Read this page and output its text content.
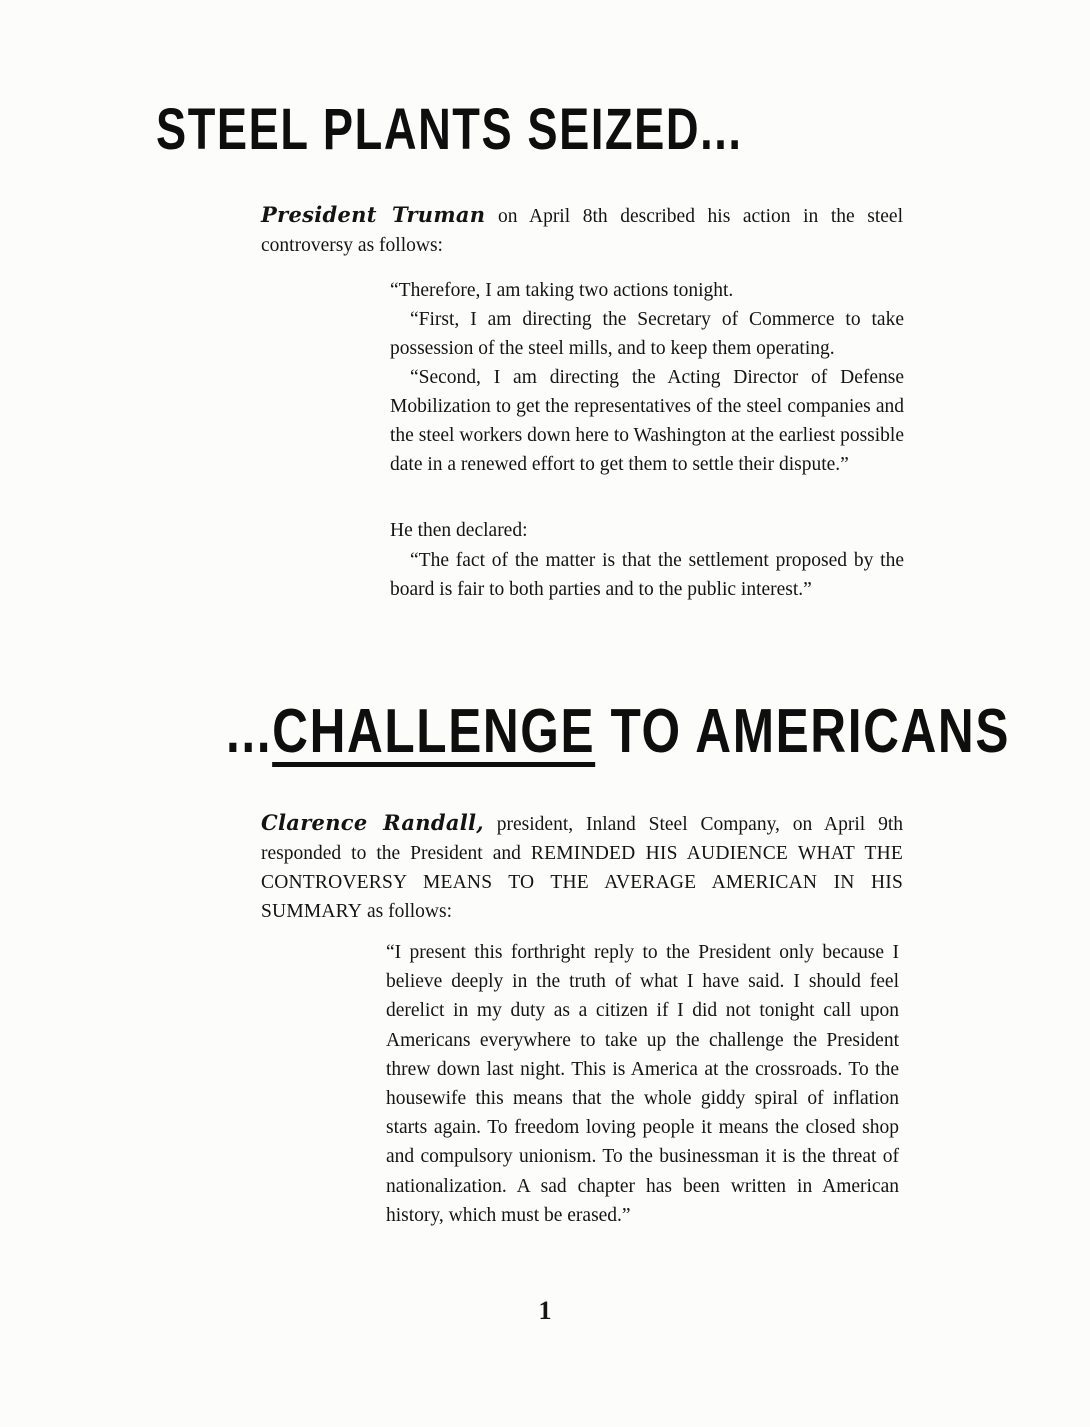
STEEL PLANTS SEIZED...
President Truman on April 8th described his action in the steel controversy as follows:

“Therefore, I am taking two actions tonight.

“First, I am directing the Secretary of Commerce to take possession of the steel mills, and to keep them operating.

“Second, I am directing the Acting Director of Defense Mobilization to get the representatives of the steel companies and the steel workers down here to Washington at the earliest possible date in a renewed effort to get them to settle their dispute.”

He then declared:
“The fact of the matter is that the settlement proposed by the board is fair to both parties and to the public interest.”
...CHALLENGE TO AMERICANS
Clarence Randall, president, Inland Steel Company, on April 9th responded to the President and REMINDED HIS AUDIENCE WHAT THE CONTROVERSY MEANS TO THE AVERAGE AMERICAN IN HIS SUMMARY as follows:
“I present this forthright reply to the President only because I believe deeply in the truth of what I have said. I should feel derelict in my duty as a citizen if I did not tonight call upon Americans everywhere to take up the challenge the President threw down last night. This is America at the crossroads. To the housewife this means that the whole giddy spiral of inflation starts again. To freedom loving people it means the closed shop and compulsory unionism. To the businessman it is the threat of nationalization. A sad chapter has been written in American history, which must be erased.”
1
